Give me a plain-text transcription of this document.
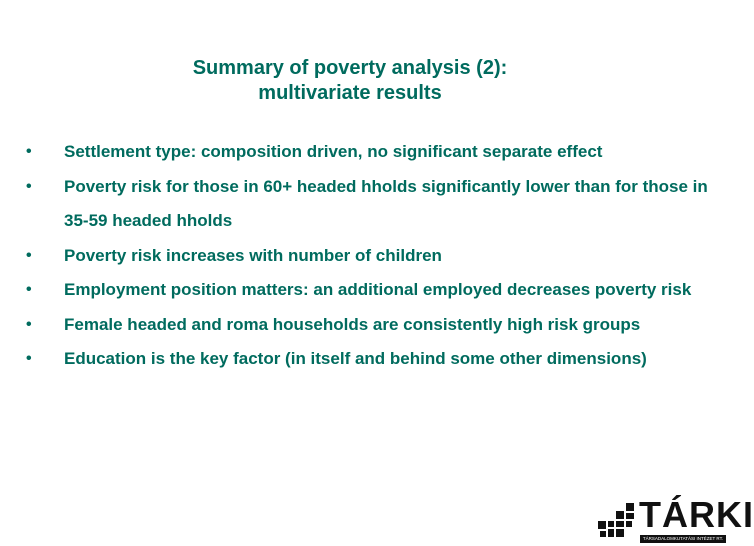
Summary of poverty analysis (2):
multivariate results
• Settlement type: composition driven, no significant separate effect
• Poverty risk for those in 60+ headed hholds significantly lower than for those in 35-59 headed hholds
• Poverty risk increases with number of children
• Employment position matters: an additional employed decreases poverty risk
• Female headed and roma households are consistently high risk groups
• Education is the key factor (in itself and behind some other dimensions)
TÁRKI
TÁRSADALOMKUTATÁSI INTÉZET RT.
